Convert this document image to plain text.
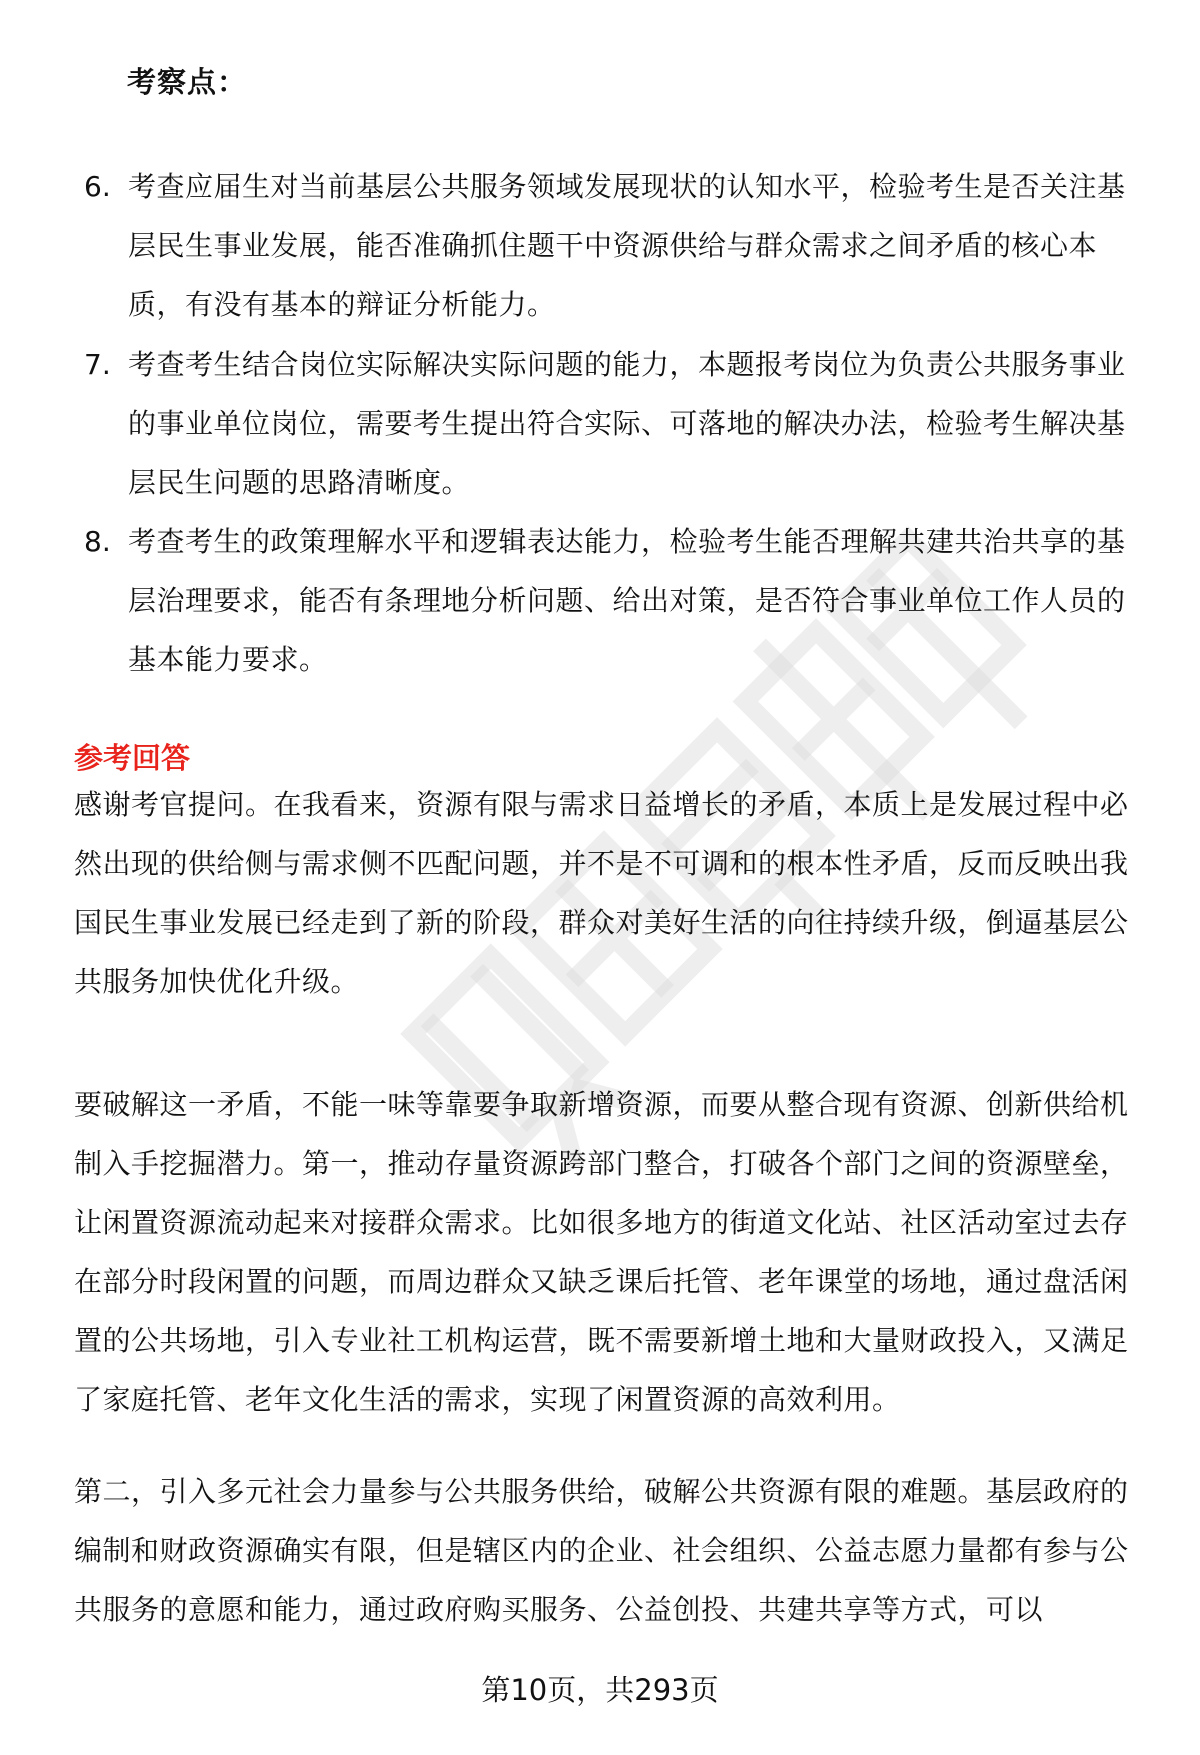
考察点：
6. 考查应届生对当前基层公共服务领域发展现状的认知水平，检验考生是否关注基层民生事业发展，能否准确抓住题干中资源供给与群众需求之间矛盾的核心本质，有没有基本的辩证分析能力。

7. 考查考生结合岗位实际解决实际问题的能力，本题报考岗位为负责公共服务事业的事业单位岗位，需要考生提出符合实际、可落地的解决办法，检验考生解决基层民生问题的思路清晰度。

8. 考查考生的政策理解水平和逻辑表达能力，检验考生能否理解共建共治共享的基层治理要求，能否有条理地分析问题、给出对策，是否符合事业单位工作人员的基本能力要求。

参考回答

感谢考官提问。在我看来，资源有限与需求日益增长的矛盾，本质上是发展过程中必然出现的供给侧与需求侧不匹配问题，并不是不可调和的根本性矛盾，反而反映出我国民生事业发展已经走到了新的阶段，群众对美好生活的向往持续升级，倒逼基层公共服务加快优化升级。

要破解这一矛盾，不能一味等靠要争取新增资源，而要从整合现有资源、创新供给机制入手挖掘潜力。第一，推动存量资源跨部门整合，打破各个部门之间的资源壁垒，让闲置资源流动起来对接群众需求。比如很多地方的街道文化站、社区活动室过去存在部分时段闲置的问题，而周边群众又缺乏课后托管、老年课堂的场地，通过盘活闲置的公共场地，引入专业社工机构运营，既不需要新增土地和大量财政投入，又满足了家庭托管、老年文化生活的需求，实现了闲置资源的高效利用。

第二，引入多元社会力量参与公共服务供给，破解公共资源有限的难题。基层政府的编制和财政资源确实有限，但是辖区内的企业、社会组织、公益志愿力量都有参与公共服务的意愿和能力，通过政府购买服务、公益创投、共建共享等方式，可以

第10页，共293页
